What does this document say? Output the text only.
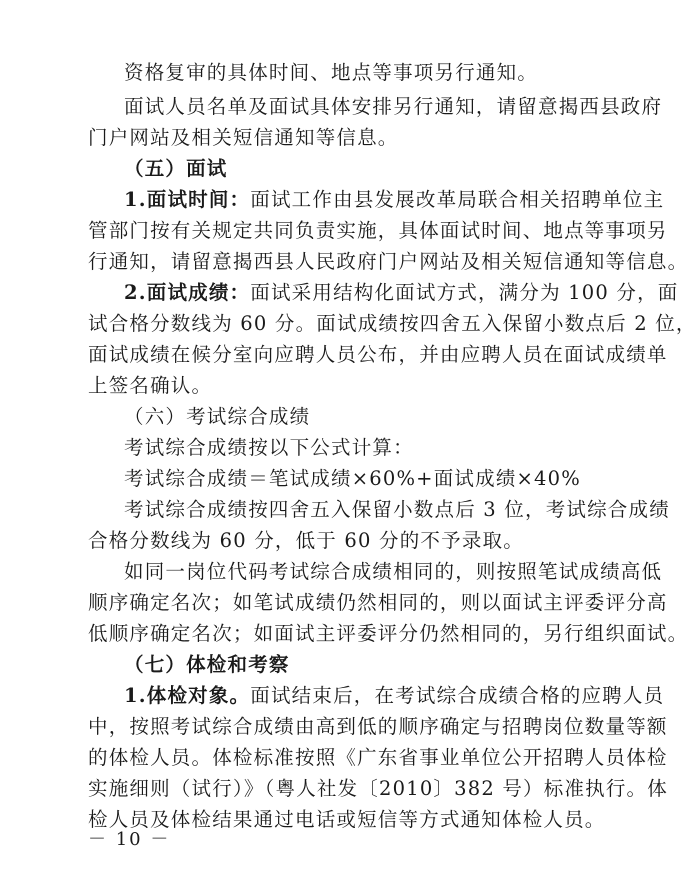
资格复审的具体时间、地点等事项另行通知。
面试人员名单及面试具体安排另行通知，请留意揭西县政府
门户网站及相关短信通知等信息。
（五）面试
1.面试时间：面试工作由县发展改革局联合相关招聘单位主
管部门按有关规定共同负责实施，具体面试时间、地点等事项另
行通知，请留意揭西县人民政府门户网站及相关短信通知等信息。
2.面试成绩：面试采用结构化面试方式，满分为 100 分，面
试合格分数线为 60 分。面试成绩按四舍五入保留小数点后 2 位，
面试成绩在候分室向应聘人员公布，并由应聘人员在面试成绩单
上签名确认。
（六）考试综合成绩
考试综合成绩按以下公式计算：
考试综合成绩＝笔试成绩×60%+面试成绩×40%
考试综合成绩按四舍五入保留小数点后 3 位，考试综合成绩
合格分数线为 60 分，低于 60 分的不予录取。
如同一岗位代码考试综合成绩相同的，则按照笔试成绩高低
顺序确定名次；如笔试成绩仍然相同的，则以面试主评委评分高
低顺序确定名次；如面试主评委评分仍然相同的，另行组织面试。
（七）体检和考察
1.体检对象。面试结束后，在考试综合成绩合格的应聘人员
中，按照考试综合成绩由高到低的顺序确定与招聘岗位数量等额
的体检人员。体检标准按照《广东省事业单位公开招聘人员体检
实施细则（试行）》（粤人社发〔2010〕382 号）标准执行。体
检人员及体检结果通过电话或短信等方式通知体检人员。
－ 10 －
